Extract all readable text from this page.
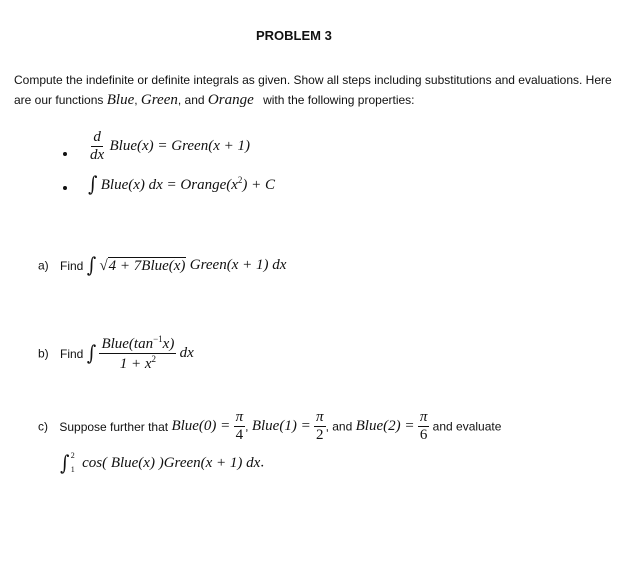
PROBLEM 3
Compute the indefinite or definite integrals as given. Show all steps including substitutions and evaluations. Here
are our functions Blue, Green, and Orange with the following properties:
$\frac{d}{dx}$ Blue(x) = Green(x + 1)
∫ Blue(x) dx = $Orange(x^2) + C$
a) Find ∫ √4 + 7Blue(x) Green(x + 1) dx
b) Find ∫ $\frac{Blue(\tan^{-1}x)}{1 + x^2}$ dx
c) Suppose further that Blue(0) = $\frac{\pi}{4}$ , Blue(1) = $\frac{\pi}{2}$ , and Blue(2) = $\frac{\pi}{6}$ and evaluate
∫ 2
1 cos( Blue(x) )Green(x + 1) dx.
